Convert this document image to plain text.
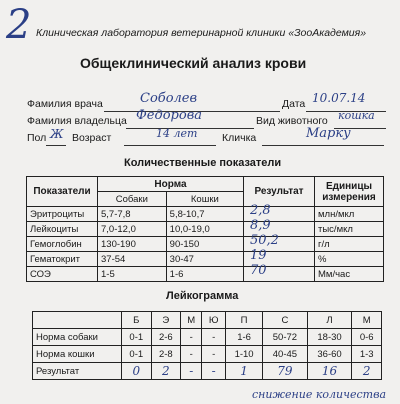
2 Клиническая лаборатория ветеринарной клиники «ЗооАкадемия»
Общеклинический анализ крови
Фамилия врача	Соболев	Дата 10.07.14
Фамилия владельца Федорова	Вид животного кошка
Пол Ж Возраст	14 лет Кличка	Марку
Количественные показатели
Показатели	Норма		Результат	Единицы измерения
	Собаки	Кошки		
Эритроциты	5,7-7,8	5,8-10,7	2,8	млн/мкл
Лейкоциты	7,0-12,0	10,0-19,0	8,9	тыс/мкл
Гемоглобин	130-190	90-150	50,2	г/л
Гематокрит	37-54	30-47	19	%
СОЭ	1-5	1-6	70	Мм/час
Лейкограмма
	Б	Э	М	Ю	П	С	Л	М
Норма собаки	0-1	2-6	-	-	1-6	50-72	18-30	0-6
Норма кошки	0-1	2-8	-	-	1-10	40-45	36-60	1-3
Результат	0	2	-	-	1	79	16	2
снижение количества
